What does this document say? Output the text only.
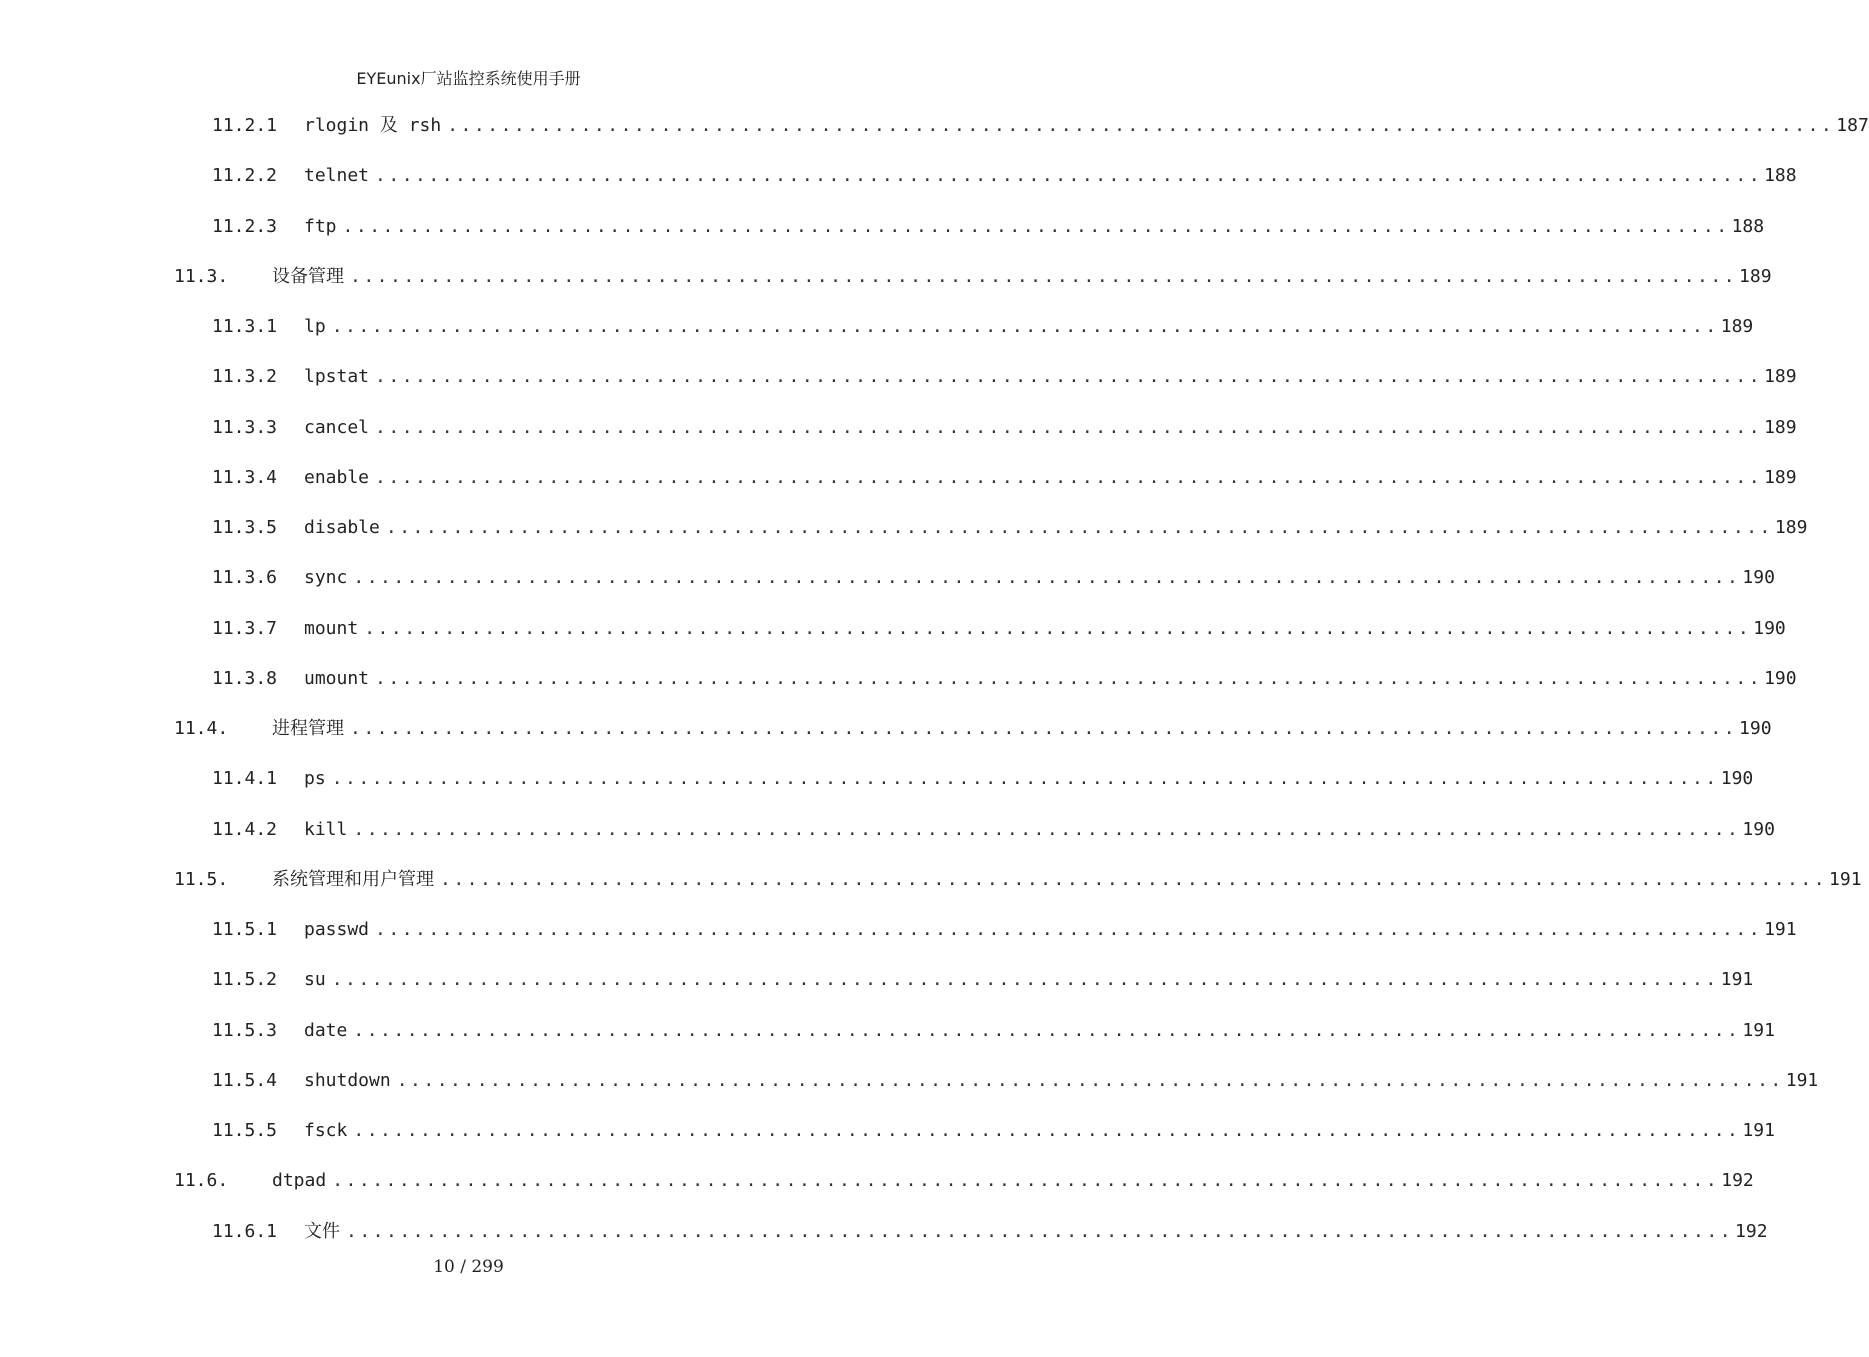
EYEunix厂站监控系统使用手册
11.2.1 rlogin 及 rsh ........................................................................................................ 187
11.2.2 telnet ........................................................................................................ 188
11.2.3 ftp ........................................................................................................ 188
11.3. 设备管理 ........................................................................................................ 189
11.3.1 lp ........................................................................................................ 189
11.3.2 lpstat ........................................................................................................ 189
11.3.3 cancel ........................................................................................................ 189
11.3.4 enable ........................................................................................................ 189
11.3.5 disable ........................................................................................................ 189
11.3.6 sync ........................................................................................................ 190
11.3.7 mount ........................................................................................................ 190
11.3.8 umount ........................................................................................................ 190
11.4. 进程管理 ........................................................................................................ 190
11.4.1 ps ........................................................................................................ 190
11.4.2 kill ........................................................................................................ 190
11.5. 系统管理和用户管理 ........................................................................................................ 191
11.5.1 passwd ........................................................................................................ 191
11.5.2 su ........................................................................................................ 191
11.5.3 date ........................................................................................................ 191
11.5.4 shutdown ........................................................................................................ 191
11.5.5 fsck ........................................................................................................ 191
11.6. dtpad ........................................................................................................ 192
11.6.1 文件 ........................................................................................................ 192
10 / 299
